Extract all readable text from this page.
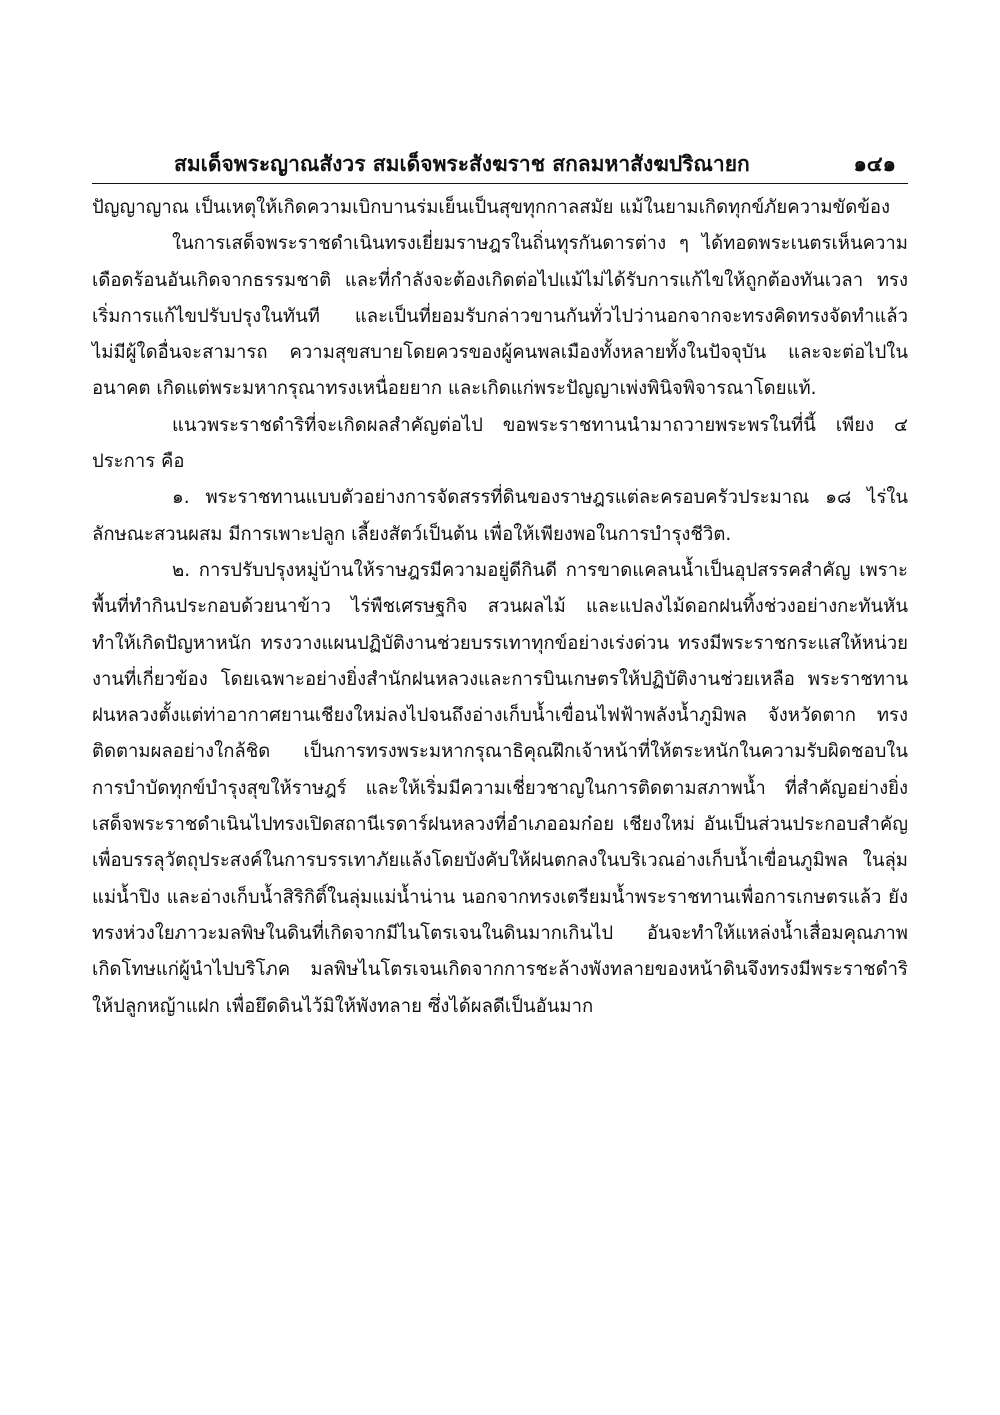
สมเด็จพระญาณสังวร สมเด็จพระสังฆราช สกลมหาสังฆปริณายก	๑๔๑

ปัญญาญาณ เป็นเหตุให้เกิดความเบิกบานร่มเย็นเป็นสุขทุกกาลสมัย แม้ในยามเกิดทุกข์ภัยความขัดข้อง

ในการเสด็จพระราชดำเนินทรงเยี่ยมราษฎรในถิ่นทุรกันดารต่าง ๆ ได้ทอดพระเนตรเห็นความเดือดร้อนอันเกิดจากธรรมชาติ และที่กำลังจะต้องเกิดต่อไปแม้ไม่ได้รับการแก้ไขให้ถูกต้องทันเวลา ทรงเริ่มการแก้ไขปรับปรุงในทันที และเป็นที่ยอมรับกล่าวขานกันทั่วไปว่านอกจากจะทรงคิดทรงจัดทำแล้ว ไม่มีผู้ใดอื่นจะสามารถ ความสุขสบายโดยควรของผู้คนพลเมืองทั้งหลายทั้งในปัจจุบัน และจะต่อไปในอนาคต เกิดแต่พระมหากรุณาทรงเหนื่อยยาก และเกิดแก่พระปัญญาเพ่งพินิจพิจารณาโดยแท้.

แนวพระราชดำริที่จะเกิดผลสำคัญต่อไป ขอพระราชทานนำมาถวายพระพรในที่นี้ เพียง ๔ ประการ คือ

๑. พระราชทานแบบตัวอย่างการจัดสรรที่ดินของราษฎรแต่ละครอบครัวประมาณ ๑๘ ไร่ในลักษณะสวนผสม มีการเพาะปลูก เลี้ยงสัตว์เป็นต้น เพื่อให้เพียงพอในการบำรุงชีวิต.

๒. การปรับปรุงหมู่บ้านให้ราษฎรมีความอยู่ดีกินดี การขาดแคลนน้ำเป็นอุปสรรคสำคัญ เพราะพื้นที่ทำกินประกอบด้วยนาข้าว ไร่พืชเศรษฐกิจ สวนผลไม้ และแปลงไม้ดอกฝนทิ้งช่วงอย่างกะทันหันทำให้เกิดปัญหาหนัก ทรงวางแผนปฏิบัติงานช่วยบรรเทาทุกข์อย่างเร่งด่วน ทรงมีพระราชกระแสให้หน่วยงานที่เกี่ยวข้อง โดยเฉพาะอย่างยิ่งสำนักฝนหลวงและการบินเกษตรให้ปฏิบัติงานช่วยเหลือ พระราชทานฝนหลวงตั้งแต่ท่าอากาศยานเชียงใหม่ลงไปจนถึงอ่างเก็บน้ำเขื่อนไฟฟ้าพลังน้ำภูมิพล จังหวัดตาก ทรงติดตามผลอย่างใกล้ชิด เป็นการทรงพระมหากรุณาธิคุณฝึกเจ้าหน้าที่ให้ตระหนักในความรับผิดชอบในการบำบัดทุกข์บำรุงสุขให้ราษฎร์ และให้เริ่มมีความเชี่ยวชาญในการติดตามสภาพน้ำ ที่สำคัญอย่างยิ่ง เสด็จพระราชดำเนินไปทรงเปิดสถานีเรดาร์ฝนหลวงที่อำเภออมก๋อย เชียงใหม่ อันเป็นส่วนประกอบสำคัญเพื่อบรรลุวัตถุประสงค์ในการบรรเทาภัยแล้งโดยบังคับให้ฝนตกลงในบริเวณอ่างเก็บน้ำเขื่อนภูมิพล ในลุ่มแม่น้ำปิง และอ่างเก็บน้ำสิริกิติ์ในลุ่มแม่น้ำน่าน นอกจากทรงเตรียมน้ำพระราชทานเพื่อการเกษตรแล้ว ยังทรงห่วงใยภาวะมลพิษในดินที่เกิดจากมีไนโตรเจนในดินมากเกินไป อันจะทำให้แหล่งน้ำเสื่อมคุณภาพเกิดโทษแก่ผู้นำไปบริโภค มลพิษไนโตรเจนเกิดจากการชะล้างพังทลายของหน้าดินจึงทรงมีพระราชดำริให้ปลูกหญ้าแฝก เพื่อยึดดินไว้มิให้พังทลาย ซึ่งได้ผลดีเป็นอันมาก
